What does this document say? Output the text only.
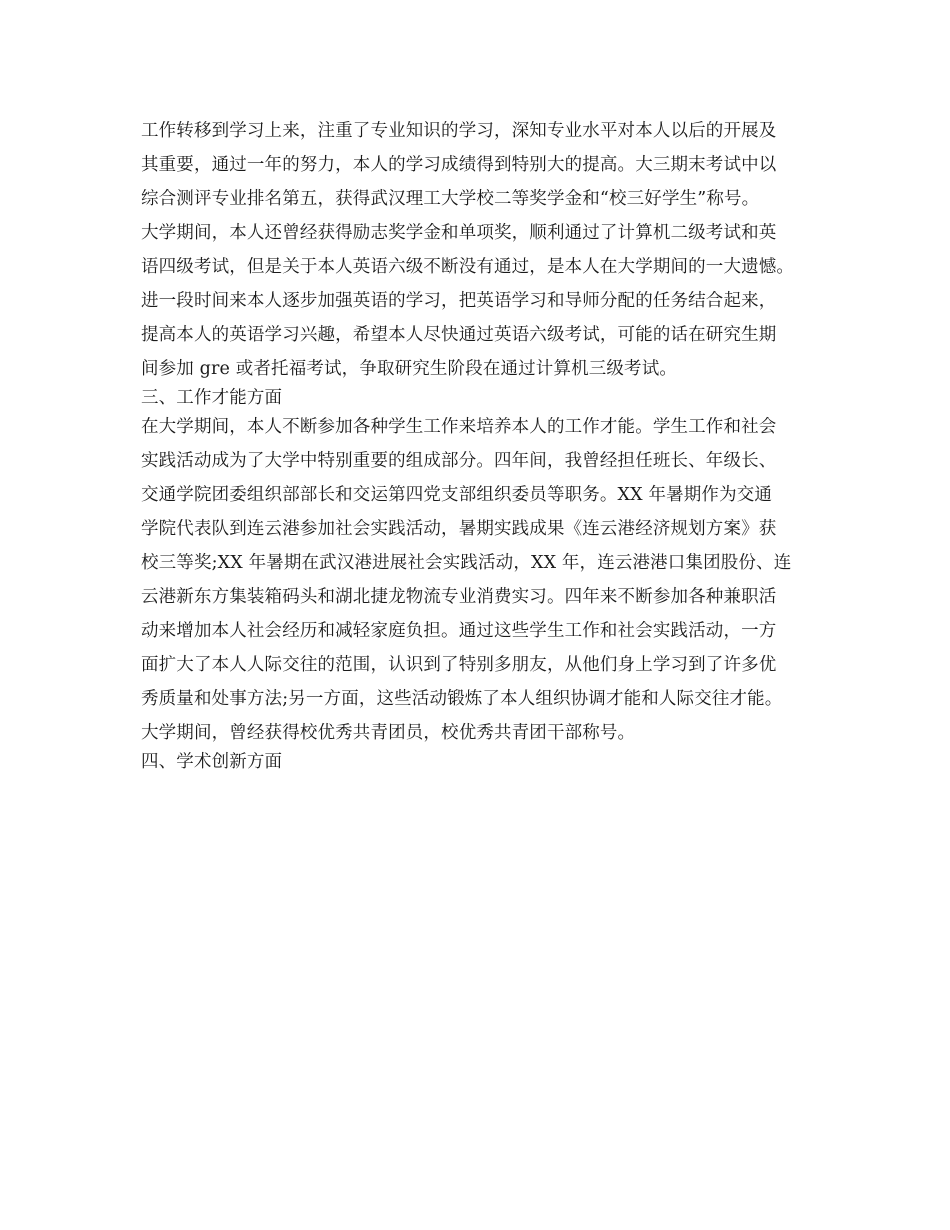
工作转移到学习上来，注重了专业知识的学习，深知专业水平对本人以后的开展及
其重要，通过一年的努力，本人的学习成绩得到特别大的提高。大三期末考试中以
综合测评专业排名第五，获得武汉理工大学校二等奖学金和“校三好学生”称号。
大学期间，本人还曾经获得励志奖学金和单项奖，顺利通过了计算机二级考试和英
语四级考试，但是关于本人英语六级不断没有通过，是本人在大学期间的一大遗憾。
进一段时间来本人逐步加强英语的学习，把英语学习和导师分配的任务结合起来，
提高本人的英语学习兴趣，希望本人尽快通过英语六级考试，可能的话在研究生期
间参加 gre 或者托福考试，争取研究生阶段在通过计算机三级考试。
三、工作才能方面
在大学期间，本人不断参加各种学生工作来培养本人的工作才能。学生工作和社会
实践活动成为了大学中特别重要的组成部分。四年间，我曾经担任班长、年级长、
交通学院团委组织部部长和交运第四党支部组织委员等职务。XX 年暑期作为交通
学院代表队到连云港参加社会实践活动，暑期实践成果《连云港经济规划方案》获
校三等奖;XX 年暑期在武汉港进展社会实践活动，XX 年，连云港港口集团股份、连
云港新东方集装箱码头和湖北捷龙物流专业消费实习。四年来不断参加各种兼职活
动来增加本人社会经历和减轻家庭负担。通过这些学生工作和社会实践活动，一方
面扩大了本人人际交往的范围，认识到了特别多朋友，从他们身上学习到了许多优
秀质量和处事方法;另一方面，这些活动锻炼了本人组织协调才能和人际交往才能。
大学期间，曾经获得校优秀共青团员，校优秀共青团干部称号。
四、学术创新方面
